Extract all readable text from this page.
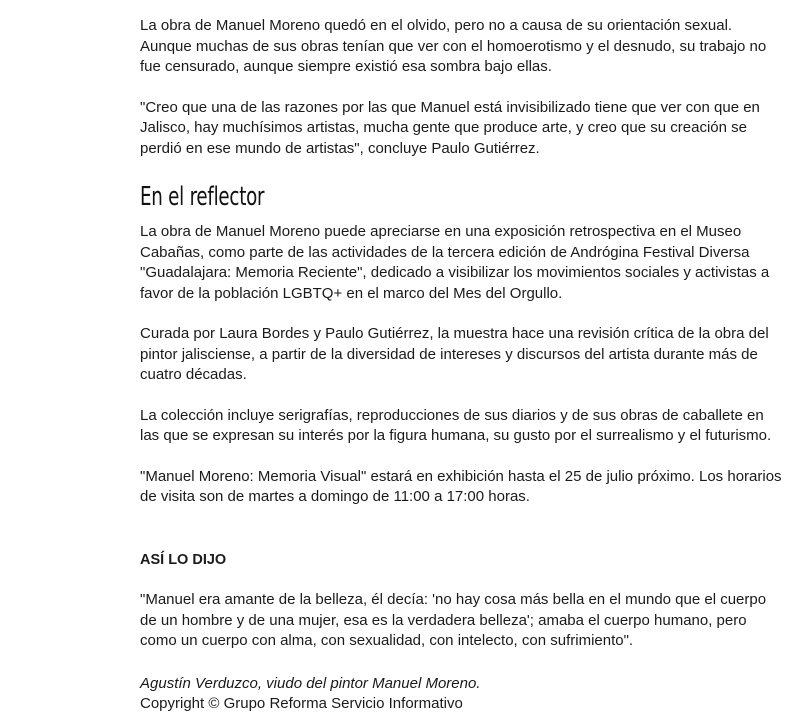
La obra de Manuel Moreno quedó en el olvido, pero no a causa de su orientación sexual. Aunque muchas de sus obras tenían que ver con el homoerotismo y el desnudo, su trabajo no fue censurado, aunque siempre existió esa sombra bajo ellas.

"Creo que una de las razones por las que Manuel está invisibilizado tiene que ver con que en Jalisco, hay muchísimos artistas, mucha gente que produce arte, y creo que su creación se perdió en ese mundo de artistas", concluye Paulo Gutiérrez.

En el reflector

La obra de Manuel Moreno puede apreciarse en una exposición retrospectiva en el Museo Cabañas, como parte de las actividades de la tercera edición de Andrógina Festival Diversa "Guadalajara: Memoria Reciente", dedicado a visibilizar los movimientos sociales y activistas a favor de la población LGBTQ+ en el marco del Mes del Orgullo.

Curada por Laura Bordes y Paulo Gutiérrez, la muestra hace una revisión crítica de la obra del pintor jalisciense, a partir de la diversidad de intereses y discursos del artista durante más de cuatro décadas.

La colección incluye serigrafías, reproducciones de sus diarios y de sus obras de caballete en las que se expresan su interés por la figura humana, su gusto por el surrealismo y el futurismo.

"Manuel Moreno: Memoria Visual" estará en exhibición hasta el 25 de julio próximo. Los horarios de visita son de martes a domingo de 11:00 a 17:00 horas.

ASÍ LO DIJO

"Manuel era amante de la belleza, él decía: 'no hay cosa más bella en el mundo que el cuerpo de un hombre y de una mujer, esa es la verdadera belleza'; amaba el cuerpo humano, pero como un cuerpo con alma, con sexualidad, con intelecto, con sufrimiento".

Agustín Verduzco, viudo del pintor Manuel Moreno.

Copyright © Grupo Reforma Servicio Informativo
